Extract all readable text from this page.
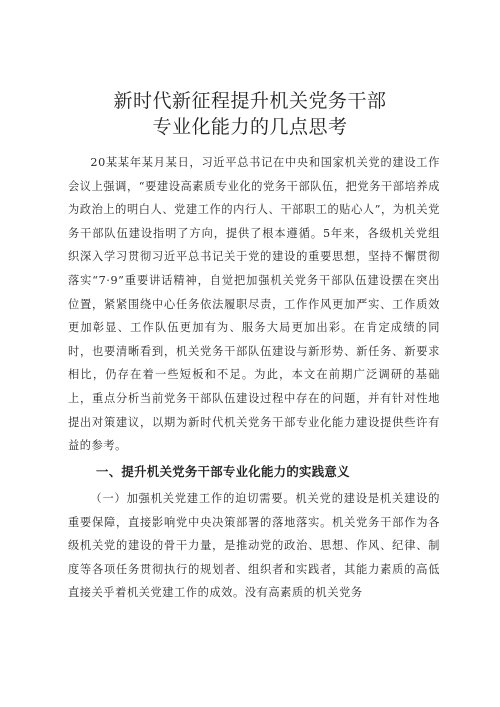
新时代新征程提升机关党务干部
专业化能力的几点思考

20某某年某月某日，习近平总书记在中央和国家机关党的建设工作会议上强调，“要建设高素质专业化的党务干部队伍，把党务干部培养成为政治上的明白人、党建工作的内行人、干部职工的贴心人”，为机关党务干部队伍建设指明了方向，提供了根本遵循。5年来，各级机关党组织深入学习贯彻习近平总书记关于党的建设的重要思想，坚持不懈贯彻落实“7·9”重要讲话精神，自觉把加强机关党务干部队伍建设摆在突出位置，紧紧围绕中心任务依法履职尽责，工作作风更加严实、工作质效更加彰显、工作队伍更加有为、服务大局更加出彩。在肯定成绩的同时，也要清晰看到，机关党务干部队伍建设与新形势、新任务、新要求相比，仍存在着一些短板和不足。为此，本文在前期广泛调研的基础上，重点分析当前党务干部队伍建设过程中存在的问题，并有针对性地提出对策建议，以期为新时代机关党务干部专业化能力建设提供些许有益的参考。

一、提升机关党务干部专业化能力的实践意义

（一）加强机关党建工作的迫切需要。机关党的建设是机关建设的重要保障，直接影响党中央决策部署的落地落实。机关党务干部作为各级机关党的建设的骨干力量，是推动党的政治、思想、作风、纪律、制度等各项任务贯彻执行的规划者、组织者和实践者，其能力素质的高低直接关乎着机关党建工作的成效。没有高素质的机关党务
